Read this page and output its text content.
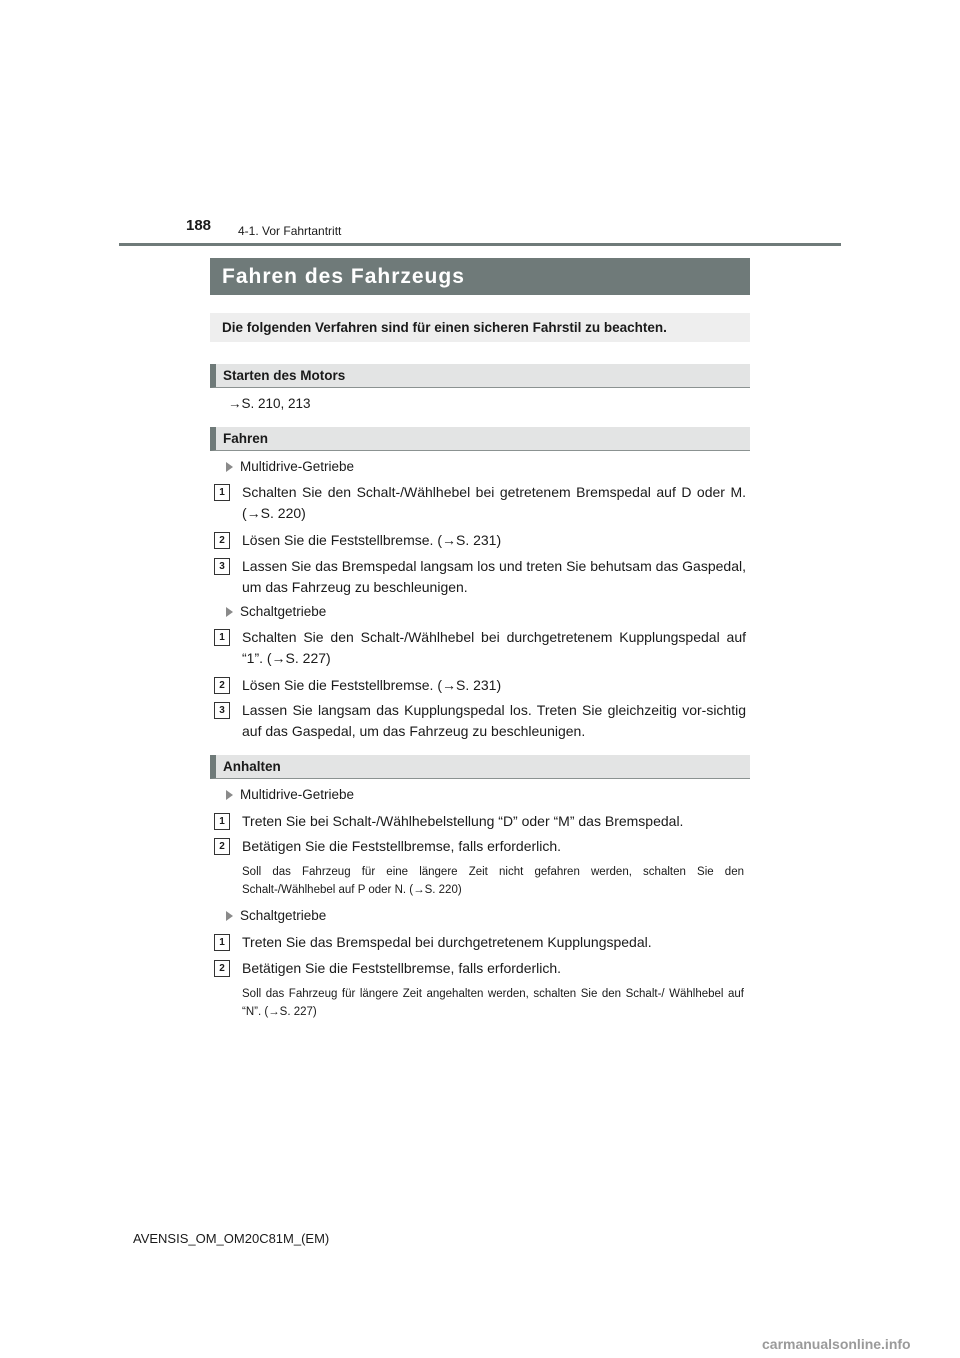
188 4-1. Vor Fahrtantritt
Fahren des Fahrzeugs
Die folgenden Verfahren sind für einen sicheren Fahrstil zu beachten.
Starten des Motors
→S. 210, 213
Fahren
Multidrive-Getriebe
1	Schalten Sie den Schalt-/Wählhebel bei getretenem Bremspedal auf D oder M. (→S. 220)
2	Lösen Sie die Feststellbremse. (→S. 231)
3	Lassen Sie das Bremspedal langsam los und treten Sie behutsam das Gaspedal, um das Fahrzeug zu beschleunigen.
Schaltgetriebe
1	Schalten Sie den Schalt-/Wählhebel bei durchgetretenem Kupplungspedal auf “1”. (→S. 227)
2	Lösen Sie die Feststellbremse. (→S. 231)
3	Lassen Sie langsam das Kupplungspedal los. Treten Sie gleichzeitig vor-sichtig auf das Gaspedal, um das Fahrzeug zu beschleunigen.
Anhalten
Multidrive-Getriebe
1	Treten Sie bei Schalt-/Wählhebelstellung “D” oder “M” das Bremspedal.
2	Betätigen Sie die Feststellbremse, falls erforderlich.
Soll das Fahrzeug für eine längere Zeit nicht gefahren werden, schalten Sie den Schalt-/Wählhebel auf P oder N. (→S. 220)
Schaltgetriebe
1	Treten Sie das Bremspedal bei durchgetretenem Kupplungspedal.
2	Betätigen Sie die Feststellbremse, falls erforderlich.
Soll das Fahrzeug für längere Zeit angehalten werden, schalten Sie den Schalt-/ Wählhebel auf “N”. (→S. 227)
AVENSIS_OM_OM20C81M_(EM)
carmanualsonline.info
